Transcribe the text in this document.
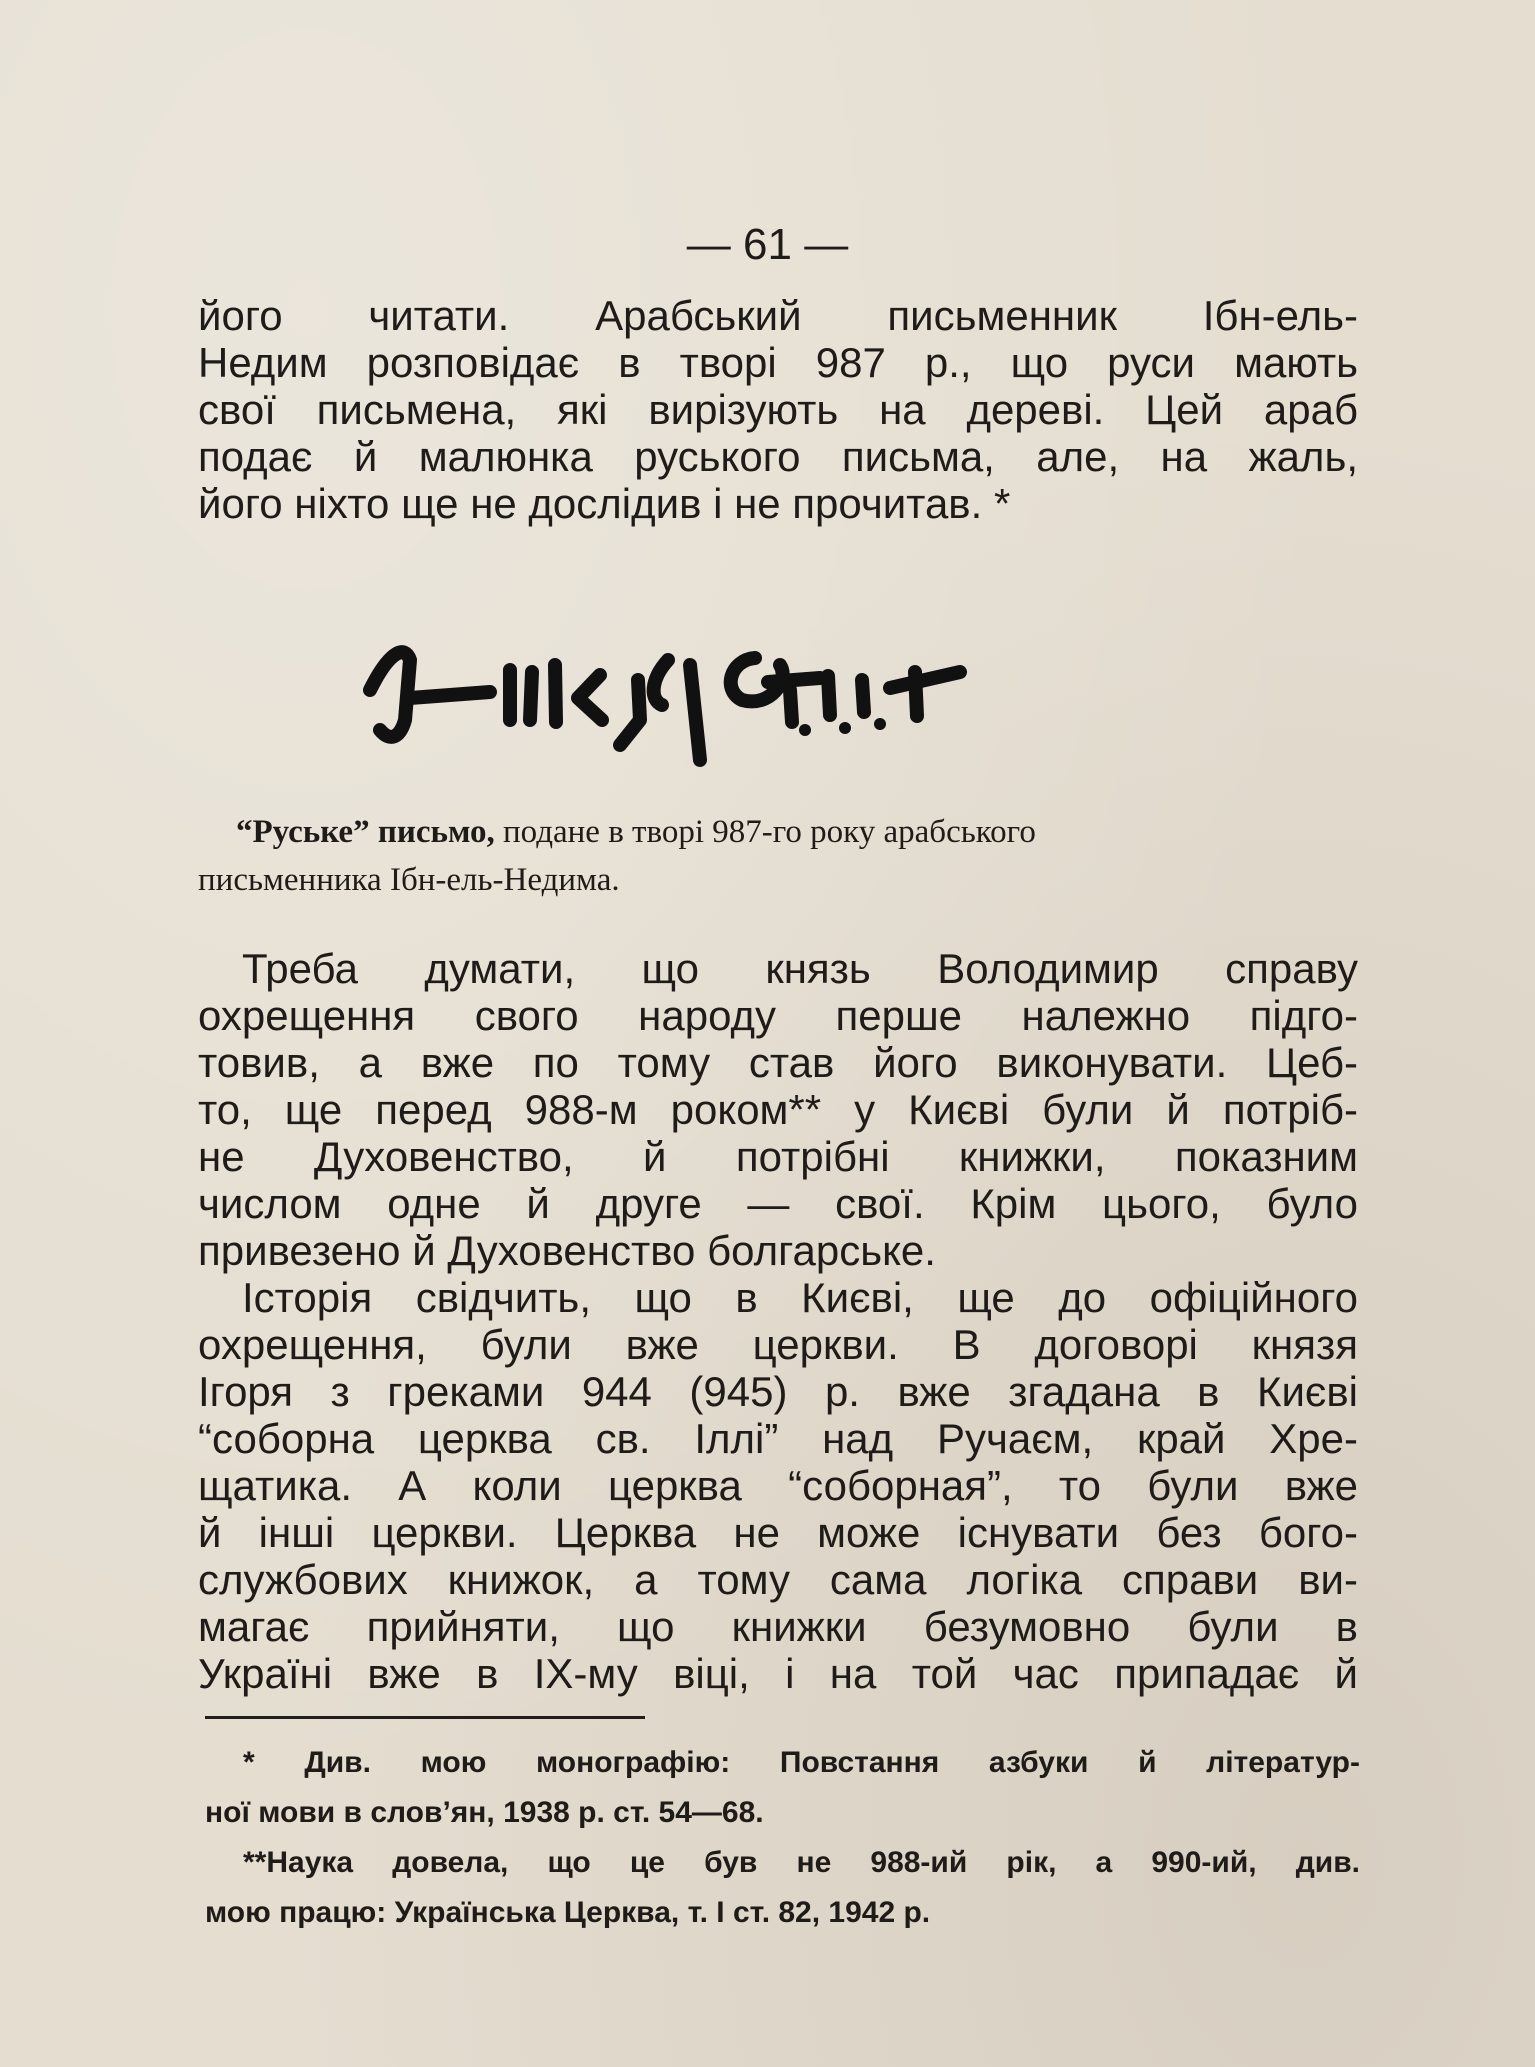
— 61 —
його читати. Арабський письменник Ібн-ель-
Недим розповідає в творі 987 р., що руси мають
свої письмена, які вирізують на дереві. Цей араб
подає й малюнка руського письма, але, на жаль,
його ніхто ще не дослідив і не прочитав. *
“Руське” письмо, подане в творі 987-го року арабського
письменника Ібн-ель-Недима.
Треба думати, що князь Володимир справу
охрещення свого народу перше належно підго-
товив, а вже по тому став його виконувати. Цеб-
то, ще перед 988-м роком** у Києві були й потріб-
не Духовенство, й потрібні книжки, показним
числом одне й друге — свої. Крім цього, було
привезено й Духовенство болгарське.
Історія свідчить, що в Києві, ще до офіційного
охрещення, були вже церкви. В договорі князя
Ігоря з греками 944 (945) р. вже згадана в Києві
“соборна церква св. Іллі” над Ручаєм, край Хре-
щатика. А коли церква “соборная”, то були вже
й інші церкви. Церква не може існувати без бого-
службових книжок, а тому сама логіка справи ви-
магає прийняти, що книжки безумовно були в
Україні вже в ІХ-му віці, і на той час припадає й
* Див. мою монографію: Повстання азбуки й літератур-
ної мови в слов’ян, 1938 р. ст. 54—68.
**Наука довела, що це був не 988-ий рік, а 990-ий, див.
мою працю: Українська Церква, т. І ст. 82, 1942 р.
